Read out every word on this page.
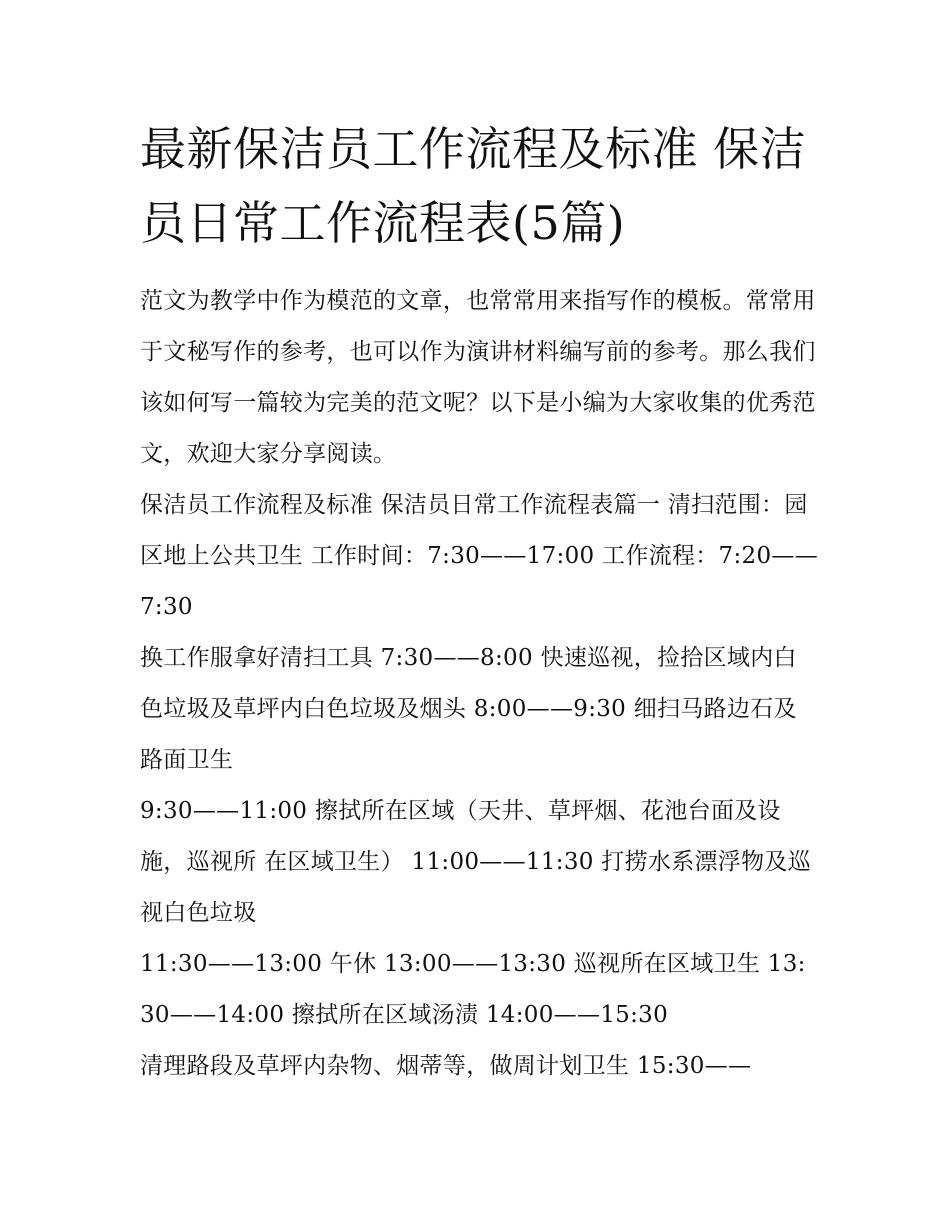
最新保洁员工作流程及标准 保洁员日常工作流程表(5篇)

范文为教学中作为模范的文章，也常常用来指写作的模板。常常用于文秘写作的参考，也可以作为演讲材料编写前的参考。那么我们该如何写一篇较为完美的范文呢？以下是小编为大家收集的优秀范文，欢迎大家分享阅读。

保洁员工作流程及标准 保洁员日常工作流程表篇一 清扫范围：园区地上公共卫生 工作时间：7:30——17:00 工作流程：7:20——7:30

换工作服拿好清扫工具 7:30——8:00 快速巡视，捡拾区域内白色垃圾及草坪内白色垃圾及烟头 8:00——9:30 细扫马路边石及路面卫生

9:30——11:00 擦拭所在区域（天井、草坪烟、花池台面及设施，巡视所 在区域卫生） 11:00——11:30 打捞水系漂浮物及巡视白色垃圾

11:30——13:00 午休 13:00——13:30 巡视所在区域卫生 13:30——14:00 擦拭所在区域汤渍 14:00——15:30

清理路段及草坪内杂物、烟蒂等，做周计划卫生 15:30——
